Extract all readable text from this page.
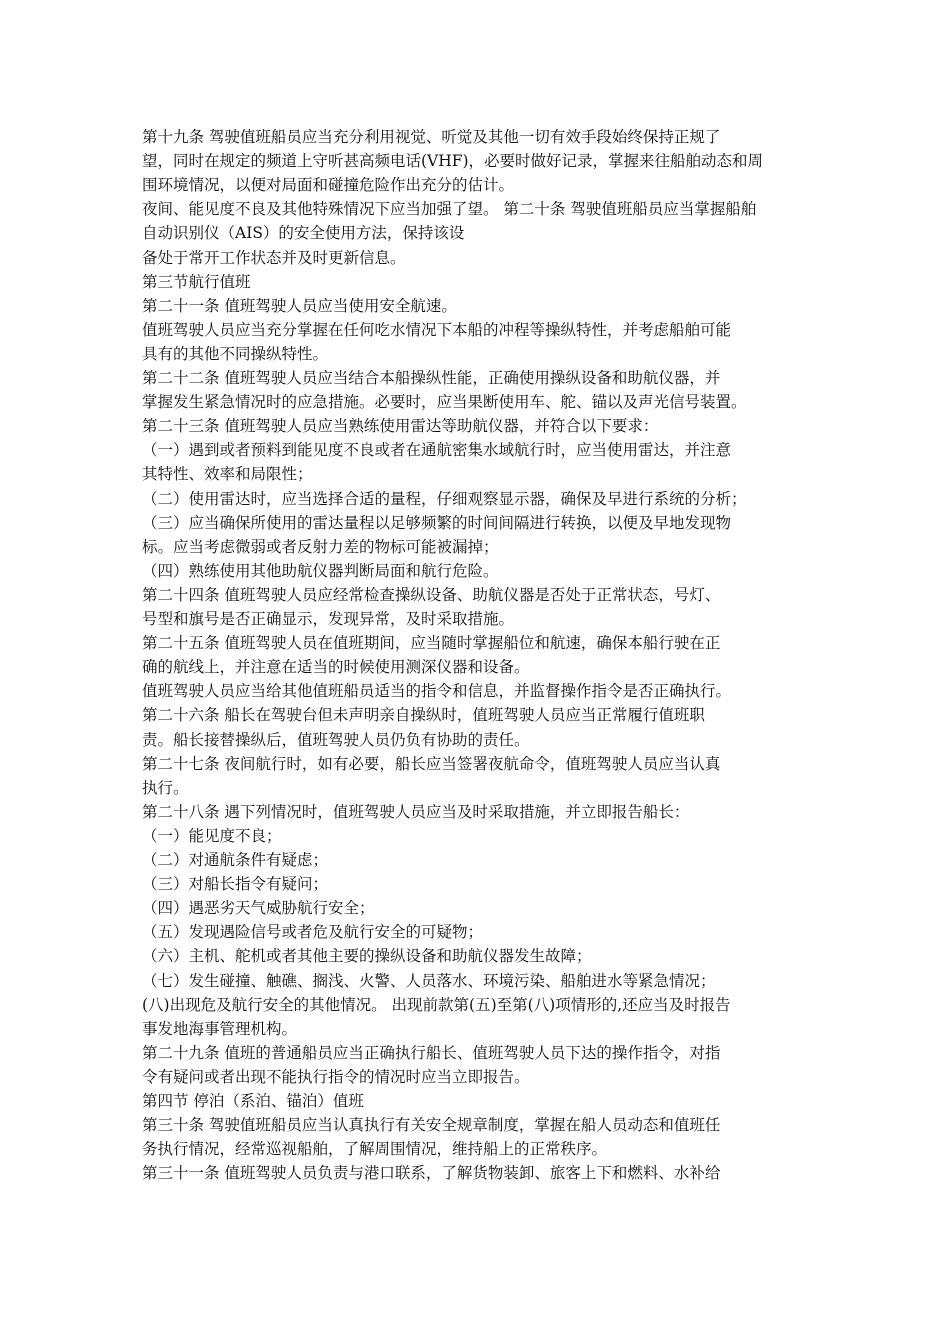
第十九条 驾驶值班船员应当充分利用视觉、听觉及其他一切有效手段始终保持正规了
望，同时在规定的频道上守听甚高频电话(VHF)，必要时做好记录，掌握来往船舶动态和周
围环境情况，以便对局面和碰撞危险作出充分的估计。
夜间、能见度不良及其他特殊情况下应当加强了望。 第二十条 驾驶值班船员应当掌握船舶
自动识别仪（AIS）的安全使用方法，保持该设
备处于常开工作状态并及时更新信息。
第三节航行值班
第二十一条 值班驾驶人员应当使用安全航速。
值班驾驶人员应当充分掌握在任何吃水情况下本船的冲程等操纵特性，并考虑船舶可能
具有的其他不同操纵特性。
第二十二条 值班驾驶人员应当结合本船操纵性能，正确使用操纵设备和助航仪器，并
掌握发生紧急情况时的应急措施。必要时，应当果断使用车、舵、锚以及声光信号装置。
第二十三条 值班驾驶人员应当熟练使用雷达等助航仪器，并符合以下要求：
（一）遇到或者预料到能见度不良或者在通航密集水域航行时，应当使用雷达，并注意
其特性、效率和局限性；
（二）使用雷达时，应当选择合适的量程，仔细观察显示器，确保及早进行系统的分析；
（三）应当确保所使用的雷达量程以足够频繁的时间间隔进行转换，以便及早地发现物
标。应当考虑微弱或者反射力差的物标可能被漏掉；
（四）熟练使用其他助航仪器判断局面和航行危险。
第二十四条 值班驾驶人员应经常检查操纵设备、助航仪器是否处于正常状态，号灯、
号型和旗号是否正确显示，发现异常，及时采取措施。
第二十五条 值班驾驶人员在值班期间，应当随时掌握船位和航速，确保本船行驶在正
确的航线上，并注意在适当的时候使用测深仪器和设备。
值班驾驶人员应当给其他值班船员适当的指令和信息，并监督操作指令是否正确执行。
第二十六条 船长在驾驶台但未声明亲自操纵时，值班驾驶人员应当正常履行值班职
责。船长接替操纵后，值班驾驶人员仍负有协助的责任。
第二十七条 夜间航行时，如有必要，船长应当签署夜航命令，值班驾驶人员应当认真
执行。
第二十八条 遇下列情况时，值班驾驶人员应当及时采取措施，并立即报告船长：
（一）能见度不良；
（二）对通航条件有疑虑；
（三）对船长指令有疑问；
（四）遇恶劣天气威胁航行安全；
（五）发现遇险信号或者危及航行安全的可疑物；
（六）主机、舵机或者其他主要的操纵设备和助航仪器发生故障；
（七）发生碰撞、触礁、搁浅、火警、人员落水、环境污染、船舶进水等紧急情况；
(八)出现危及航行安全的其他情况。 出现前款第(五)至第(八)项情形的,还应当及时报告
事发地海事管理机构。
第二十九条 值班的普通船员应当正确执行船长、值班驾驶人员下达的操作指令，对指
令有疑问或者出现不能执行指令的情况时应当立即报告。
第四节 停泊（系泊、锚泊）值班
第三十条 驾驶值班船员应当认真执行有关安全规章制度，掌握在船人员动态和值班任
务执行情况，经常巡视船舶，了解周围情况，维持船上的正常秩序。
第三十一条 值班驾驶人员负责与港口联系，了解货物装卸、旅客上下和燃料、水补给
